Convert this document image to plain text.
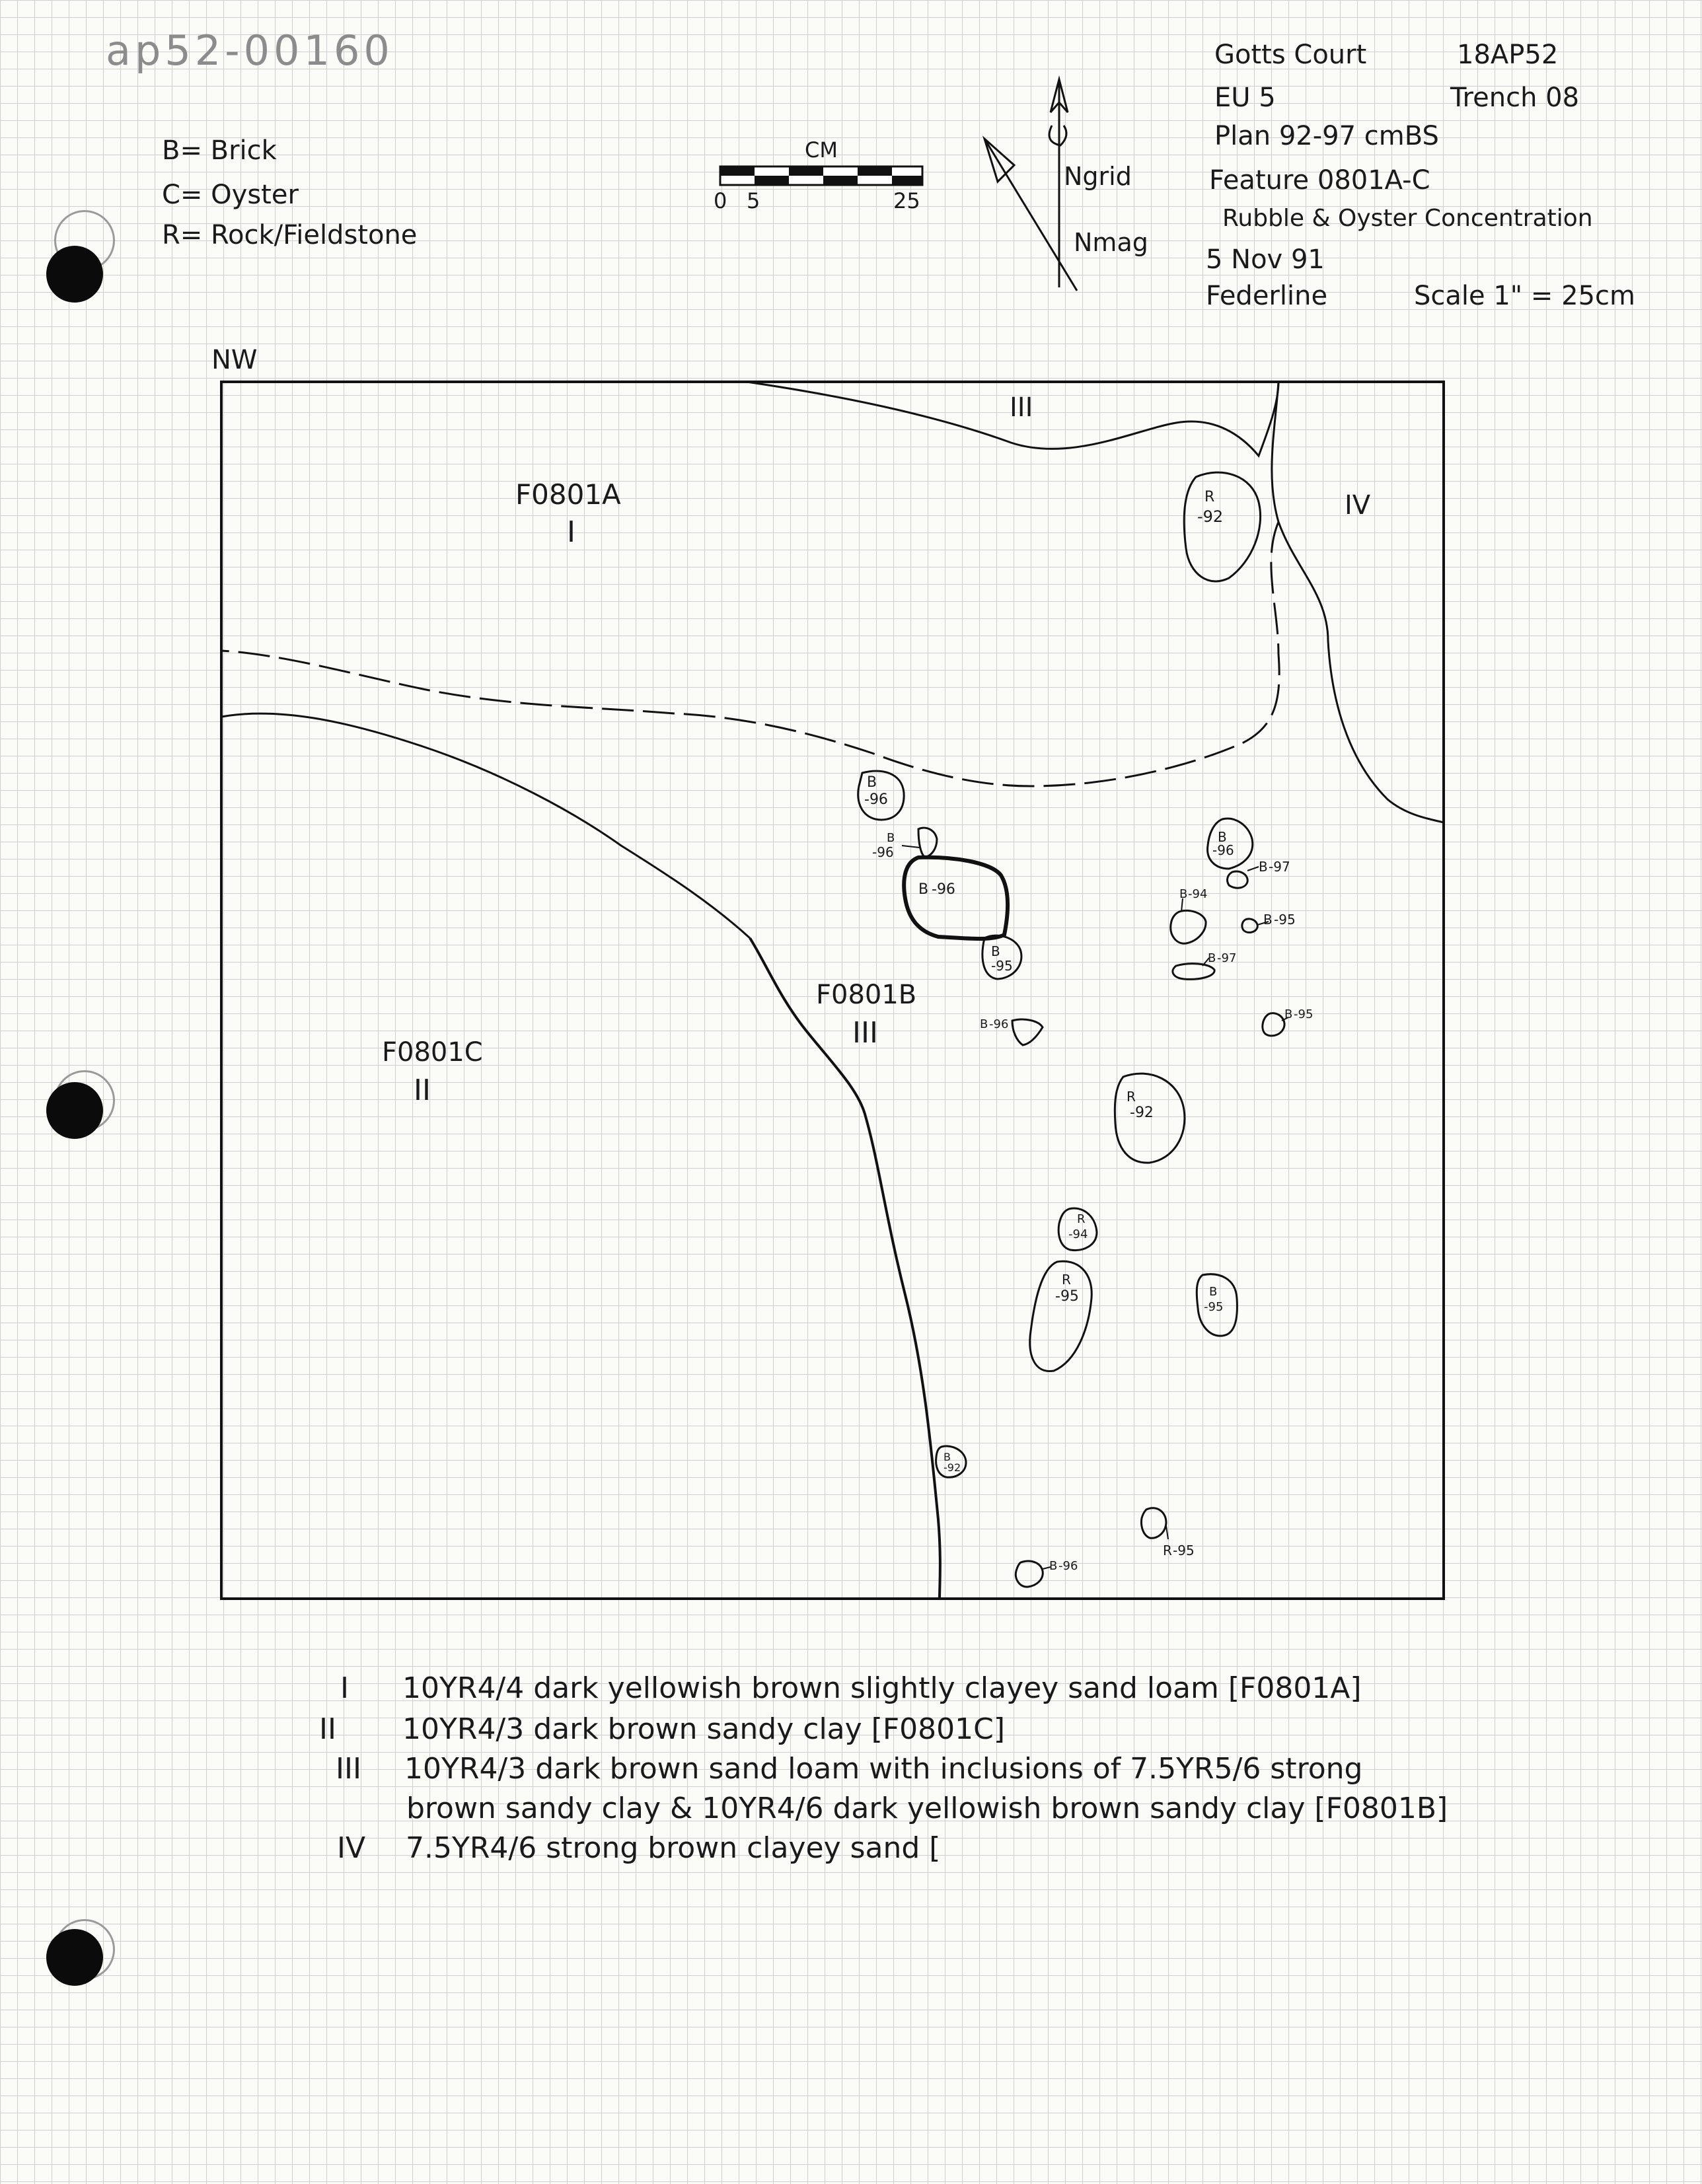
ap52-00160
B= Brick
C= Oyster
R= Rock/Fieldstone
Gotts Court	18AP52
EU 5	Trench 08
Plan 92-97 cmBS
Feature 0801A-C
Rubble & Oyster Concentration
5 Nov 91
Federline	Scale 1" = 25cm
CM
0 5	25
Ngrid
Nmag
NW
F0801A
I
F0801C
II
F0801B
III
III
IV
R
-92
B
-96
B
-96
B -96
B
-95
B
-96
B -97
B -94
B -95
B -97
B -96
B -95
R
-92
R
-94
R
-95	B
-95
B
-92
R -95
B -96
I 10YR4/4 dark yellowish brown slightly clayey sand loam [F0801A]
II 10YR4/3 dark brown sandy clay [F0801C]
III 10YR4/3 dark brown sand loam with inclusions of 7.5YR5/6 strong
brown sandy clay & 10YR4/6 dark yellowish brown sandy clay [F0801B]
IV 7.5YR4/6 strong brown clayey sand [
